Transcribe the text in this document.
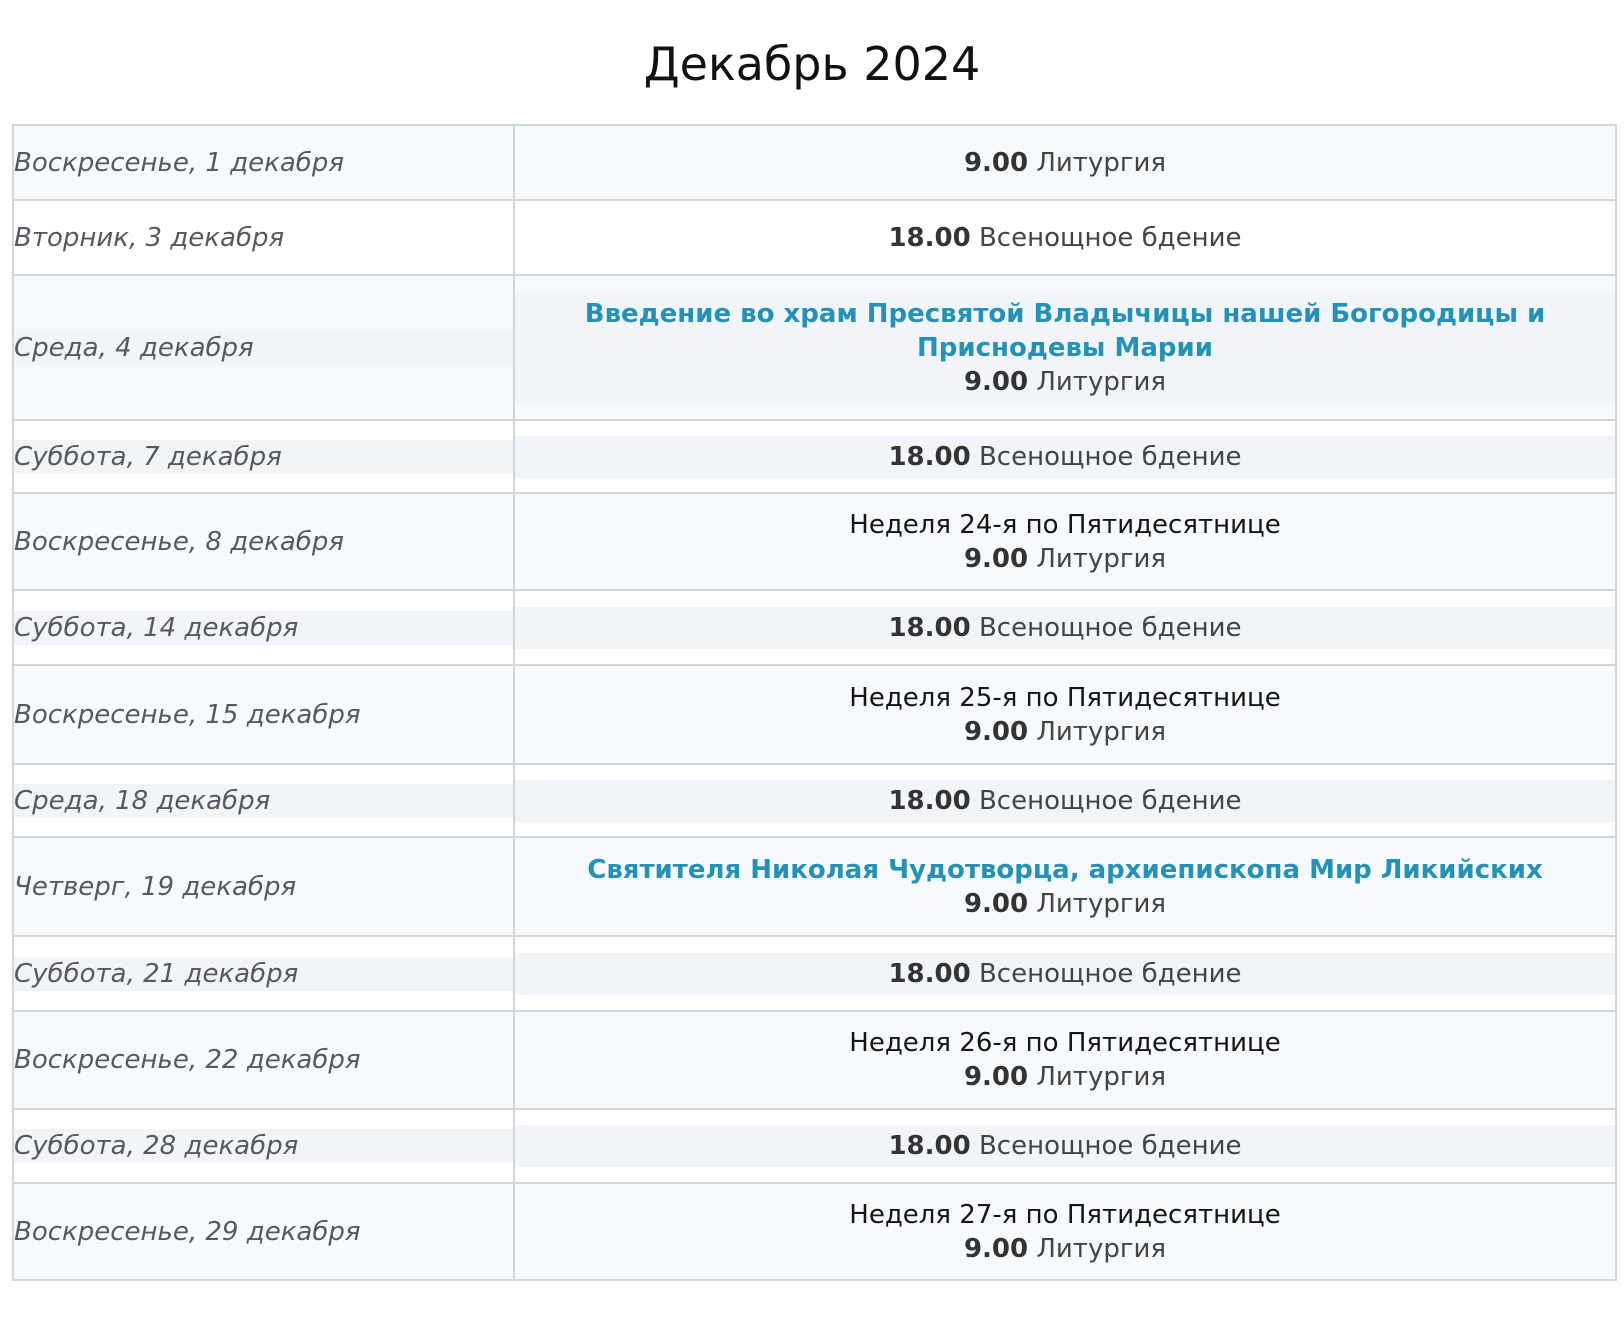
Декабрь 2024
Воскресенье, 1 декабря	9.00 Литургия

Вторник, 3 декабря	18.00 Всенощное бдение

Среда, 4 декабря	Введение во храм Пресвятой Владычицы нашей Богородицы и Приснодевы Марии
9.00 Литургия

Суббота, 7 декабря	18.00 Всенощное бдение

Воскресенье, 8 декабря	Неделя 24-я по Пятидесятнице
9.00 Литургия

Суббота, 14 декабря	18.00 Всенощное бдение

Воскресенье, 15 декабря	Неделя 25-я по Пятидесятнице
9.00 Литургия

Среда, 18 декабря	18.00 Всенощное бдение

Четверг, 19 декабря	Святителя Николая Чудотворца, архиепископа Мир Ликийских
9.00 Литургия

Суббота, 21 декабря	18.00 Всенощное бдение

Воскресенье, 22 декабря	Неделя 26-я по Пятидесятнице
9.00 Литургия

Суббота, 28 декабря	18.00 Всенощное бдение

Воскресенье, 29 декабря	Неделя 27-я по Пятидесятнице
9.00 Литургия
